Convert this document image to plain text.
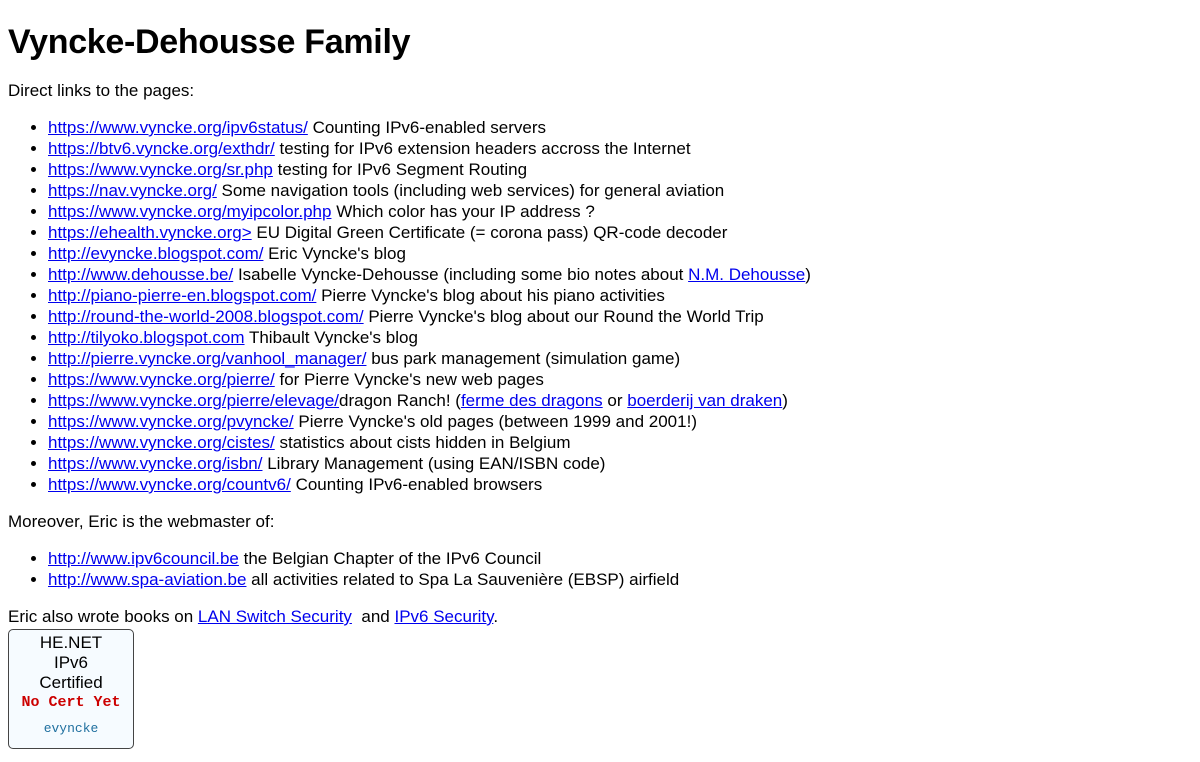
Vyncke-Dehousse Family

Direct links to the pages:

• https://www.vyncke.org/ipv6status/ Counting IPv6-enabled servers
• https://btv6.vyncke.org/exthdr/ testing for IPv6 extension headers accross the Internet
• https://www.vyncke.org/sr.php testing for IPv6 Segment Routing
• https://nav.vyncke.org/ Some navigation tools (including web services) for general aviation
• https://www.vyncke.org/myipcolor.php Which color has your IP address ?
• https://ehealth.vyncke.org> EU Digital Green Certificate (= corona pass) QR-code decoder
• http://evyncke.blogspot.com/ Eric Vyncke's blog
• http://www.dehousse.be/ Isabelle Vyncke-Dehousse (including some bio notes about N.M. Dehousse)
• http://piano-pierre-en.blogspot.com/ Pierre Vyncke's blog about his piano activities
• http://round-the-world-2008.blogspot.com/ Pierre Vyncke's blog about our Round the World Trip
• http://tilyoko.blogspot.com Thibault Vyncke's blog
• http://pierre.vyncke.org/vanhool_manager/ bus park management (simulation game)
• https://www.vyncke.org/pierre/ for Pierre Vyncke's new web pages
• https://www.vyncke.org/pierre/elevage/dragon Ranch! (ferme des dragons or boerderij van draken)
• https://www.vyncke.org/pvyncke/ Pierre Vyncke's old pages (between 1999 and 2001!)
• https://www.vyncke.org/cistes/ statistics about cists hidden in Belgium
• https://www.vyncke.org/isbn/ Library Management (using EAN/ISBN code)
• https://www.vyncke.org/countv6/ Counting IPv6-enabled browsers

Moreover, Eric is the webmaster of:

• http://www.ipv6council.be the Belgian Chapter of the IPv6 Council
• http://www.spa-aviation.be all activities related to Spa La Sauvenière (EBSP) airfield

Eric also wrote books on LAN Switch Security  and IPv6 Security.

HE.NET
IPv6
Certified
No Cert Yet
evyncke
